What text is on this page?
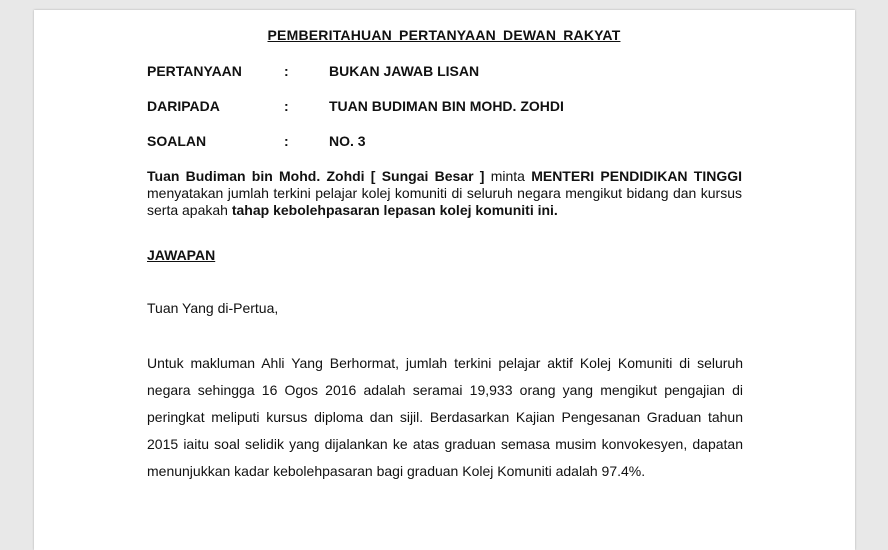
PEMBERITAHUAN PERTANYAAN DEWAN RAKYAT
PERTANYAAN	:	BUKAN JAWAB LISAN
DARIPADA	:	TUAN BUDIMAN BIN MOHD. ZOHDI
SOALAN	:	NO. 3
Tuan Budiman bin Mohd. Zohdi [ Sungai Besar ] minta MENTERI PENDIDIKAN TINGGI menyatakan jumlah terkini pelajar kolej komuniti di seluruh negara mengikut bidang dan kursus serta apakah tahap kebolehpasaran lepasan kolej komuniti ini.
JAWAPAN
Tuan Yang di-Pertua,
Untuk makluman Ahli Yang Berhormat, jumlah terkini pelajar aktif Kolej Komuniti di seluruh negara sehingga 16 Ogos 2016 adalah seramai 19,933 orang yang mengikut pengajian di peringkat meliputi kursus diploma dan sijil. Berdasarkan Kajian Pengesanan Graduan tahun 2015 iaitu soal selidik yang dijalankan ke atas graduan semasa musim konvokesyen, dapatan menunjukkan kadar kebolehpasaran bagi graduan Kolej Komuniti adalah 97.4%.
